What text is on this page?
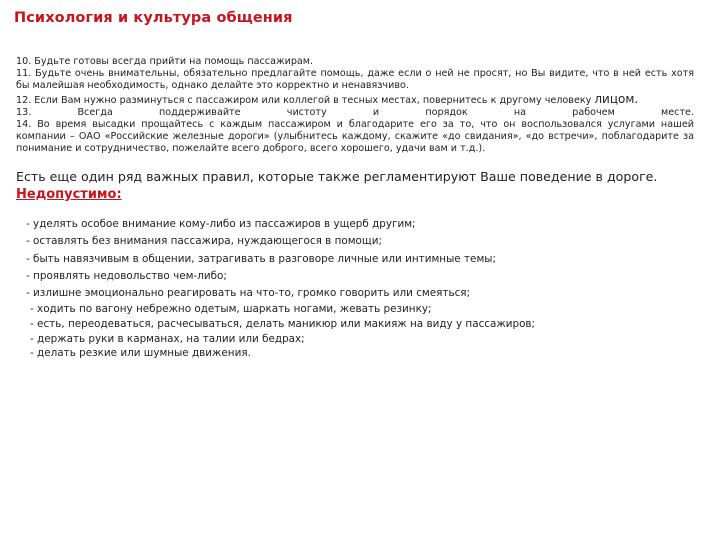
Психология и культура общения

10. Будьте готовы всегда прийти на помощь пассажирам.

11. Будьте очень внимательны, обязательно предлагайте помощь, даже если о ней не просят, но Вы видите, что в ней есть хотя бы малейшая необходимость, однако делайте это корректно и ненавязчиво.

12. Если Вам нужно разминуться с пассажиром или коллегой в тесных местах, повернитесь к другому человеку лицом.

13. Всегда поддерживайте чистоту и порядок на рабочем месте.

14. Во время высадки прощайтесь с каждым пассажиром и благодарите его за то, что он воспользовался услугами нашей компании – ОАО «Российские железные дороги» (улыбнитесь каждому, скажите «до свидания», «до встречи», поблагодарите за понимание и сотрудничество, пожелайте всего доброго, всего хорошего, удачи вам и т.д.).

Есть еще один ряд важных правил, которые также регламентируют Ваше поведение в дороге.
Недопустимо:
- уделять особое внимание кому-либо из пассажиров в ущерб другим;
- оставлять без внимания пассажира, нуждающегося в помощи;
- быть навязчивым в общении, затрагивать в разговоре личные или интимные темы;
- проявлять недовольство чем-либо;
- излишне эмоционально реагировать на что-то, громко говорить или смеяться;
- ходить по вагону небрежно одетым, шаркать ногами, жевать резинку;
- есть, переодеваться, расчесываться, делать маникюр или макияж на виду у пассажиров;
- держать руки в карманах, на талии или бедрах;
- делать резкие или шумные движения.
